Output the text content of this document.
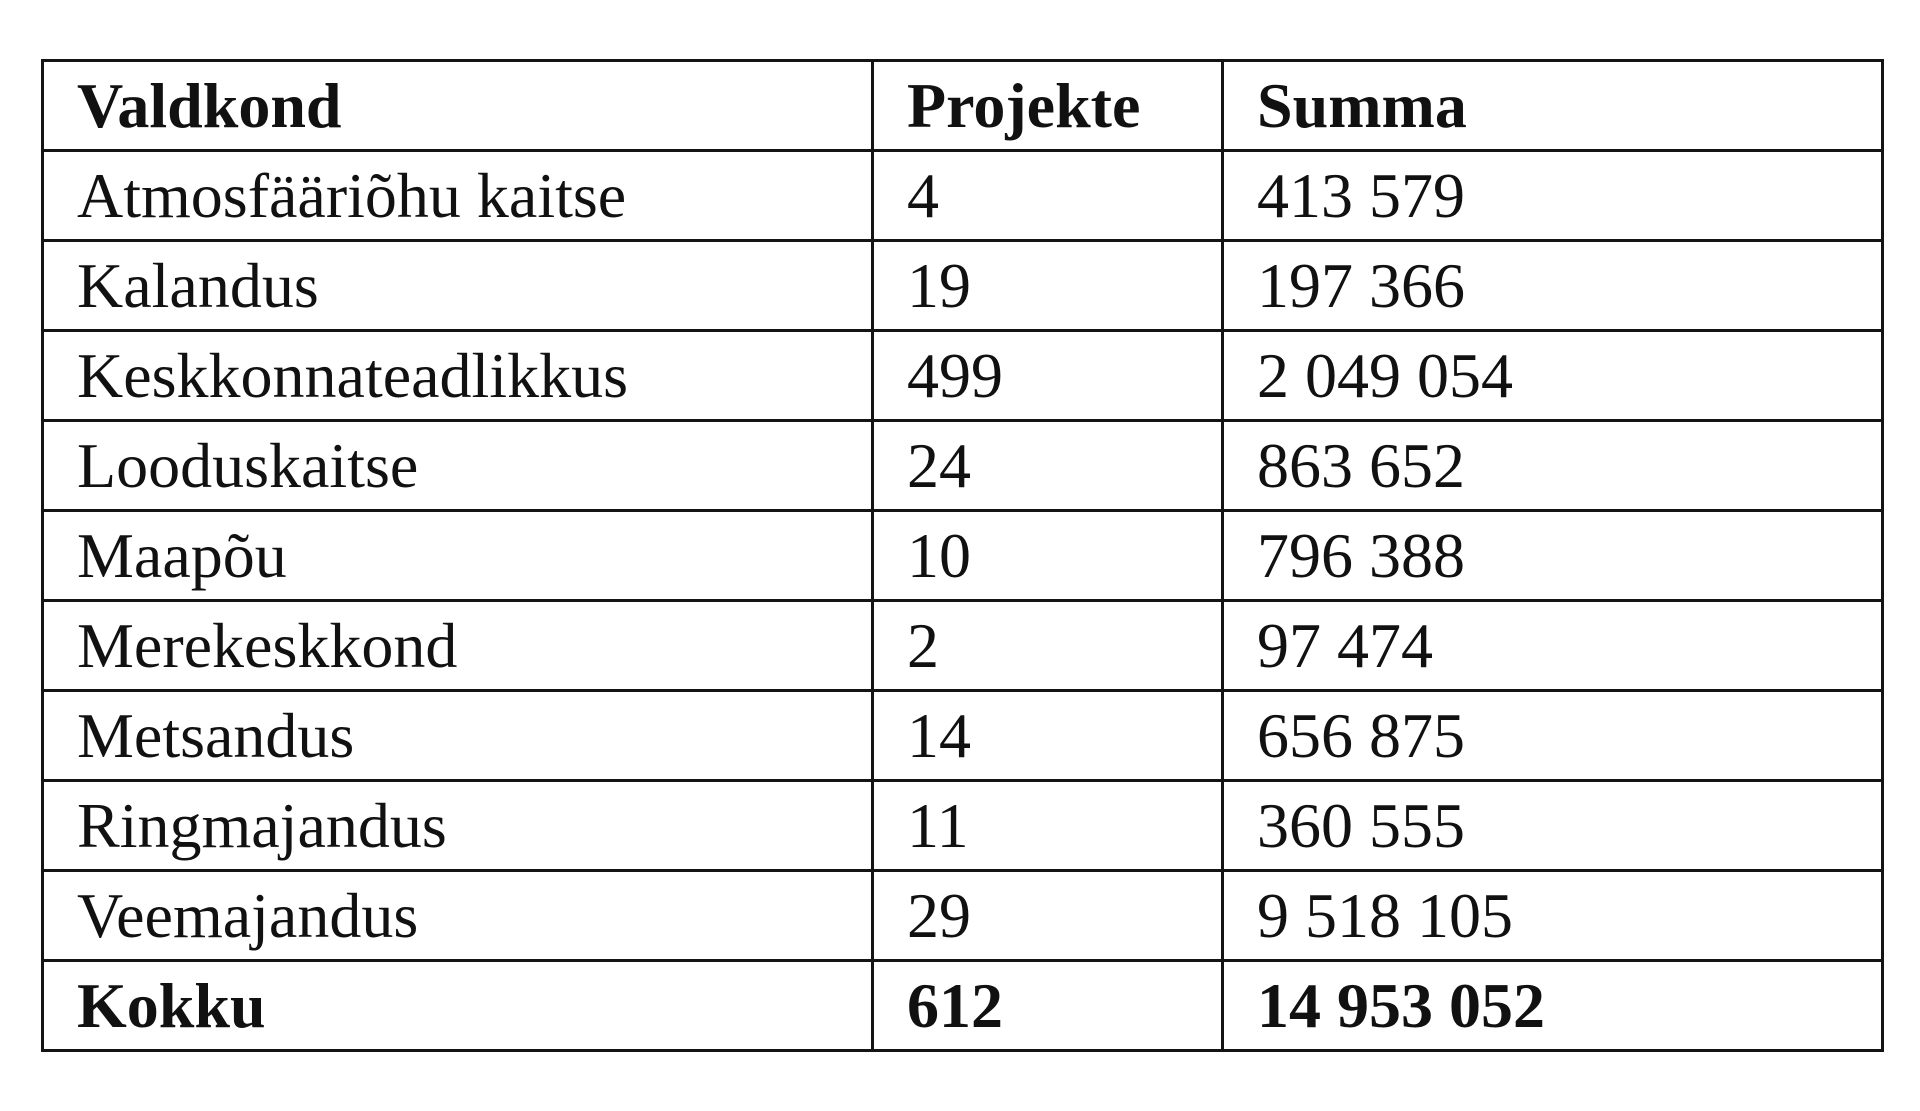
Valdkond	Projekte	Summa
Atmosfääriõhu kaitse	4	413 579
Kalandus	19	197 366
Keskkonnateadlikkus	499	2 049 054
Looduskaitse	24	863 652
Maapõu	10	796 388
Merekeskkond	2	97 474
Metsandus	14	656 875
Ringmajandus	11	360 555
Veemajandus	29	9 518 105
Kokku	612	14 953 052
